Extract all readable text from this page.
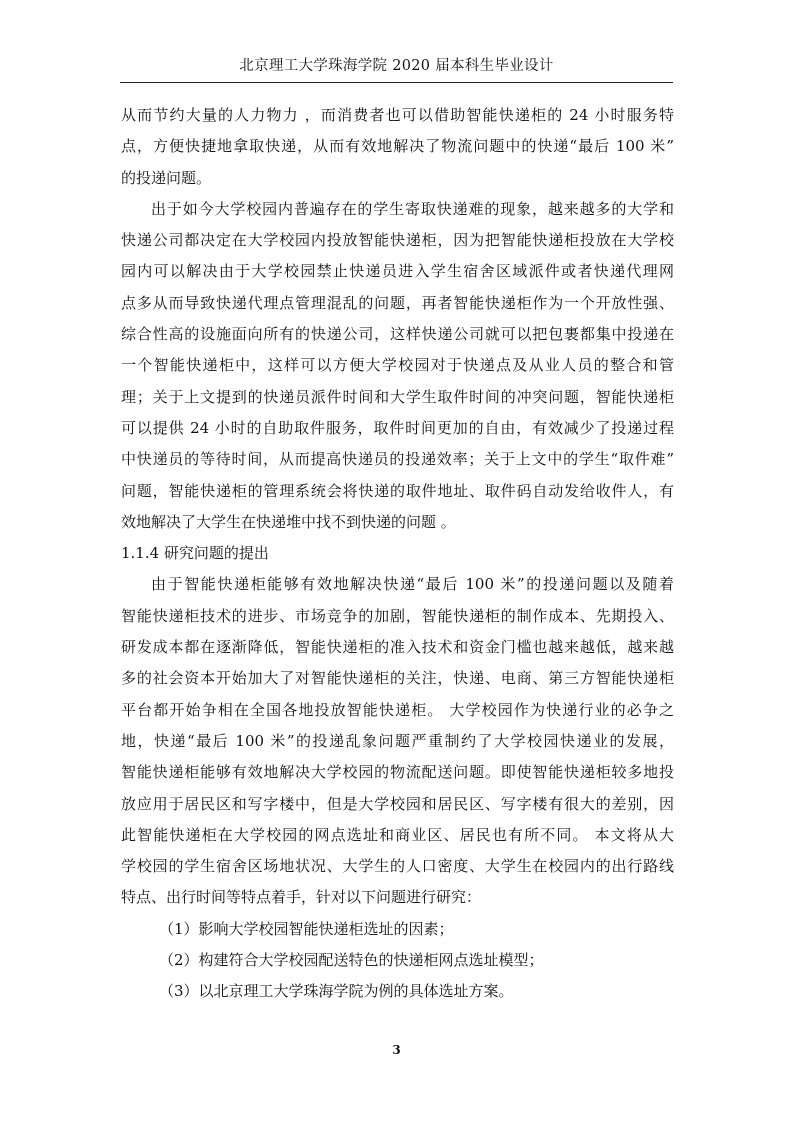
北京理工大学珠海学院 2020 届本科生毕业设计
从而节约大量的人力物力 ，而消费者也可以借助智能快递柜的 24 小时服务特
点，方便快捷地拿取快递，从而有效地解决了物流问题中的快递“最后 100 米”
的投递问题。
出于如今大学校园内普遍存在的学生寄取快递难的现象，越来越多的大学和
快递公司都决定在大学校园内投放智能快递柜，因为把智能快递柜投放在大学校
园内可以解决由于大学校园禁止快递员进入学生宿舍区域派件或者快递代理网
点多从而导致快递代理点管理混乱的问题，再者智能快递柜作为一个开放性强、
综合性高的设施面向所有的快递公司，这样快递公司就可以把包裹都集中投递在
一个智能快递柜中，这样可以方便大学校园对于快递点及从业人员的整合和管
理；关于上文提到的快递员派件时间和大学生取件时间的冲突问题，智能快递柜
可以提供 24 小时的自助取件服务，取件时间更加的自由，有效减少了投递过程
中快递员的等待时间，从而提高快递员的投递效率；关于上文中的学生“取件难”
问题，智能快递柜的管理系统会将快递的取件地址、取件码自动发给收件人，有
效地解决了大学生在快递堆中找不到快递的问题 。
1.1.4 研究问题的提出
由于智能快递柜能够有效地解决快递“最后 100 米”的投递问题以及随着
智能快递柜技术的进步、市场竞争的加剧，智能快递柜的制作成本、先期投入、
研发成本都在逐渐降低，智能快递柜的准入技术和资金门槛也越来越低，越来越
多的社会资本开始加大了对智能快递柜的关注，快递、电商、第三方智能快递柜
平台都开始争相在全国各地投放智能快递柜。 大学校园作为快递行业的必争之
地，快递“最后 100 米”的投递乱象问题严重制约了大学校园快递业的发展，
智能快递柜能够有效地解决大学校园的物流配送问题。即使智能快递柜较多地投
放应用于居民区和写字楼中，但是大学校园和居民区、写字楼有很大的差别，因
此智能快递柜在大学校园的网点选址和商业区、居民也有所不同。 本文将从大
学校园的学生宿舍区场地状况、大学生的人口密度、大学生在校园内的出行路线
特点、出行时间等特点着手，针对以下问题进行研究：
（1）影响大学校园智能快递柜选址的因素；
（2）构建符合大学校园配送特色的快递柜网点选址模型；
（3）以北京理工大学珠海学院为例的具体选址方案。
3
